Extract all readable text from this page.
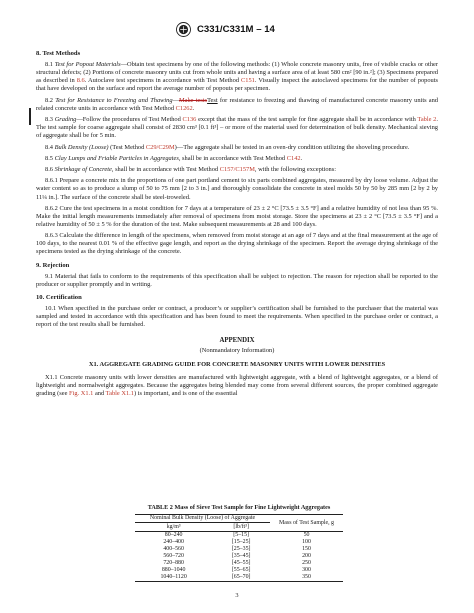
C331/C331M – 14
8. Test Methods

8.1 Test for Popout Materials—Obtain test specimens by one of the following methods: (1) Whole concrete masonry units, free of visible cracks or other structural defects; (2) Portions of concrete masonry units cut from whole units and having a surface area of at least 580 cm² [90 in.²]; (3) Specimens prepared as described in 8.6. Autoclave test specimens in accordance with Test Method C151. Visually inspect the autoclaved specimens for the number of popouts that have developed on the surface and report the average number of popouts per specimen.

8.2 Test for Resistance to Freezing and Thawing—Make testsTest for resistance to freezing and thawing of manufactured concrete masonry units and related concrete units in accordance with Test Method C1262.

8.3 Grading—Follow the procedures of Test Method C136 except that the mass of the test sample for fine aggregate shall be in accordance with Table 2. The test sample for coarse aggregate shall consist of 2830 cm³ [0.1 ft³] – or more of the material used for determination of bulk density. Mechanical sieving of aggregate shall be for 5 min.

8.4 Bulk Density (Loose) (Test Method C29/C29M)—The aggregate shall be tested in an oven-dry condition utilizing the shoveling procedure.

8.5 Clay Lumps and Friable Particles in Aggregates, shall be in accordance with Test Method C142.

8.6 Shrinkage of Concrete, shall be in accordance with Test Method C157/C157M, with the following exceptions:

8.6.1 Prepare a concrete mix in the proportions of one part portland cement to six parts combined aggregates, measured by dry loose volume. Adjust the water content so as to produce a slump of 50 to 75 mm [2 to 3 in.] and thoroughly consolidate the concrete in steel molds 50 by 50 by 285 mm [2 by 2 by 11¼ in.]. The surface of the concrete shall be steel-troweled.

8.6.2 Cure the test specimens in a moist condition for 7 days at a temperature of 23 ± 2 °C [73.5 ± 3.5 °F] and a relative humidity of not less than 95 %. Make the initial length measurements immediately after removal of specimens from moist storage. Store the specimens at 23 ± 2 °C [73.5 ± 3.5 °F] and a relative humidity of 50 ± 5 % for the duration of the test. Make subsequent measurements at 28 and 100 days.

8.6.3 Calculate the difference in length of the specimens, when removed from moist storage at an age of 7 days and at the final measurement at the age of 100 days, to the nearest 0.01 % of the effective gage length, and report as the drying shrinkage of the specimen. Report the average drying shrinkage of the specimens tested as the drying shrinkage of the concrete.

9. Rejection

9.1 Material that fails to conform to the requirements of this specification shall be subject to rejection. The reason for rejection shall be reported to the producer or supplier promptly and in writing.

10. Certification

10.1 When specified in the purchase order or contract, a producer’s or supplier’s certification shall be furnished to the purchaser that the material was sampled and tested in accordance with this specification and has been found to meet the requirements. When specified in the purchase order or contract, a report of the test results shall be furnished.

APPENDIX
(Nonmandatory Information)
X1. AGGREGATE GRADING GUIDE FOR CONCRETE MASONRY UNITS WITH LOWER DENSITIES

X1.1 Concrete masonry units with lower densities are manufactured with lightweight aggregate, with a blend of lightweight aggregates, or a blend of lightweight and normalweight aggregates. Because the aggregates being blended may come from several different sources, the proper combined aggregate grading (see Fig. X1.1 and Table X1.1) is important, and is one of the essential

TABLE 2 Mass of Sieve Test Sample for Fine Lightweight Aggregates
Nominal Bulk Density (Loose) of Aggregate		Mass of Test Sample, g
kg/m³	[lb/ft³]	
80–240	[5–15]	50
240–400	[15–25]	100
400–560	[25–35]	150
560–720	[35–45]	200
720–880	[45–55]	250
880–1040	[55–65]	300
1040–1120	[65–70]	350
3
